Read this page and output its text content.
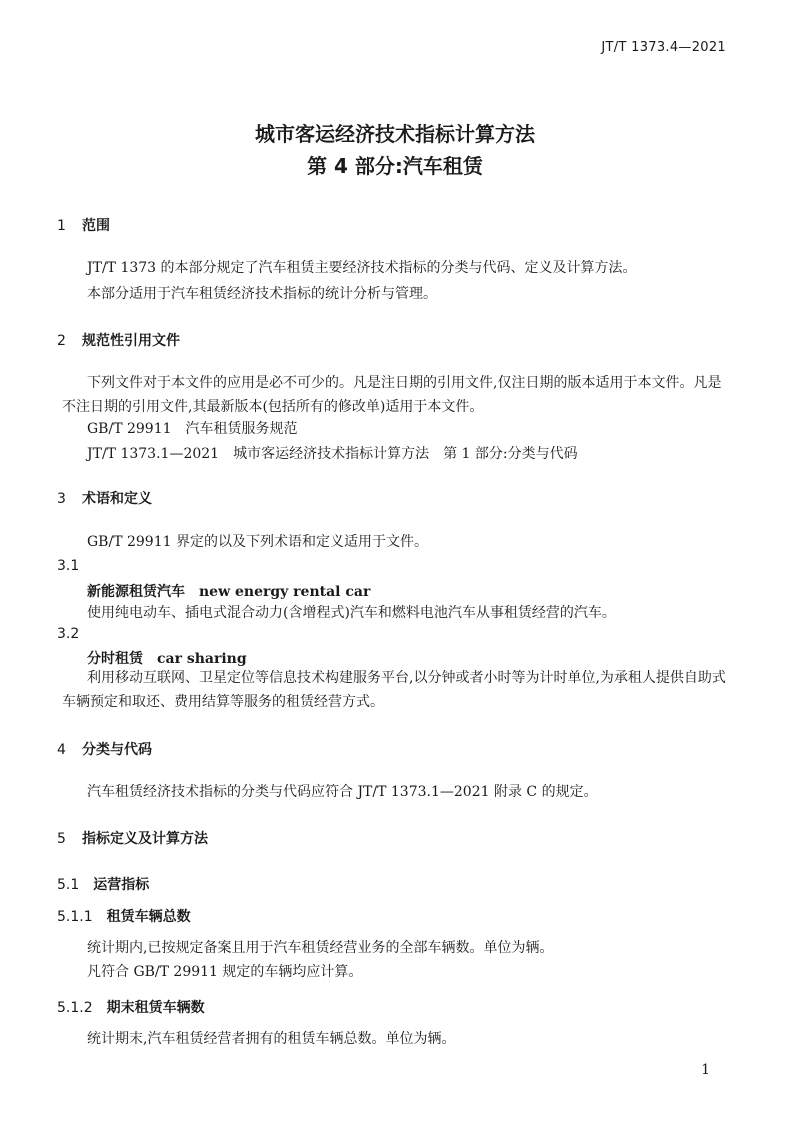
JT/T 1373.4—2021
城市客运经济技术指标计算方法
第 4 部分:汽车租赁
1 范围
JT/T 1373 的本部分规定了汽车租赁主要经济技术指标的分类与代码、定义及计算方法。
本部分适用于汽车租赁经济技术指标的统计分析与管理。
2 规范性引用文件
下列文件对于本文件的应用是必不可少的。凡是注日期的引用文件,仅注日期的版本适用于本文件。凡是不注日期的引用文件,其最新版本(包括所有的修改单)适用于本文件。
GB/T 29911 汽车租赁服务规范
JT/T 1373.1—2021 城市客运经济技术指标计算方法　第 1 部分:分类与代码
3 术语和定义
GB/T 29911 界定的以及下列术语和定义适用于文件。
3.1
新能源租赁汽车 new energy rental car
使用纯电动车、插电式混合动力(含增程式)汽车和燃料电池汽车从事租赁经营的汽车。
3.2
分时租赁 car sharing
利用移动互联网、卫星定位等信息技术构建服务平台,以分钟或者小时等为计时单位,为承租人提供自助式车辆预定和取还、费用结算等服务的租赁经营方式。
4 分类与代码
汽车租赁经济技术指标的分类与代码应符合 JT/T 1373.1—2021 附录 C 的规定。
5 指标定义及计算方法
5.1 运营指标
5.1.1 租赁车辆总数
统计期内,已按规定备案且用于汽车租赁经营业务的全部车辆数。单位为辆。
凡符合 GB/T 29911 规定的车辆均应计算。
5.1.2 期末租赁车辆数
统计期末,汽车租赁经营者拥有的租赁车辆总数。单位为辆。
1
